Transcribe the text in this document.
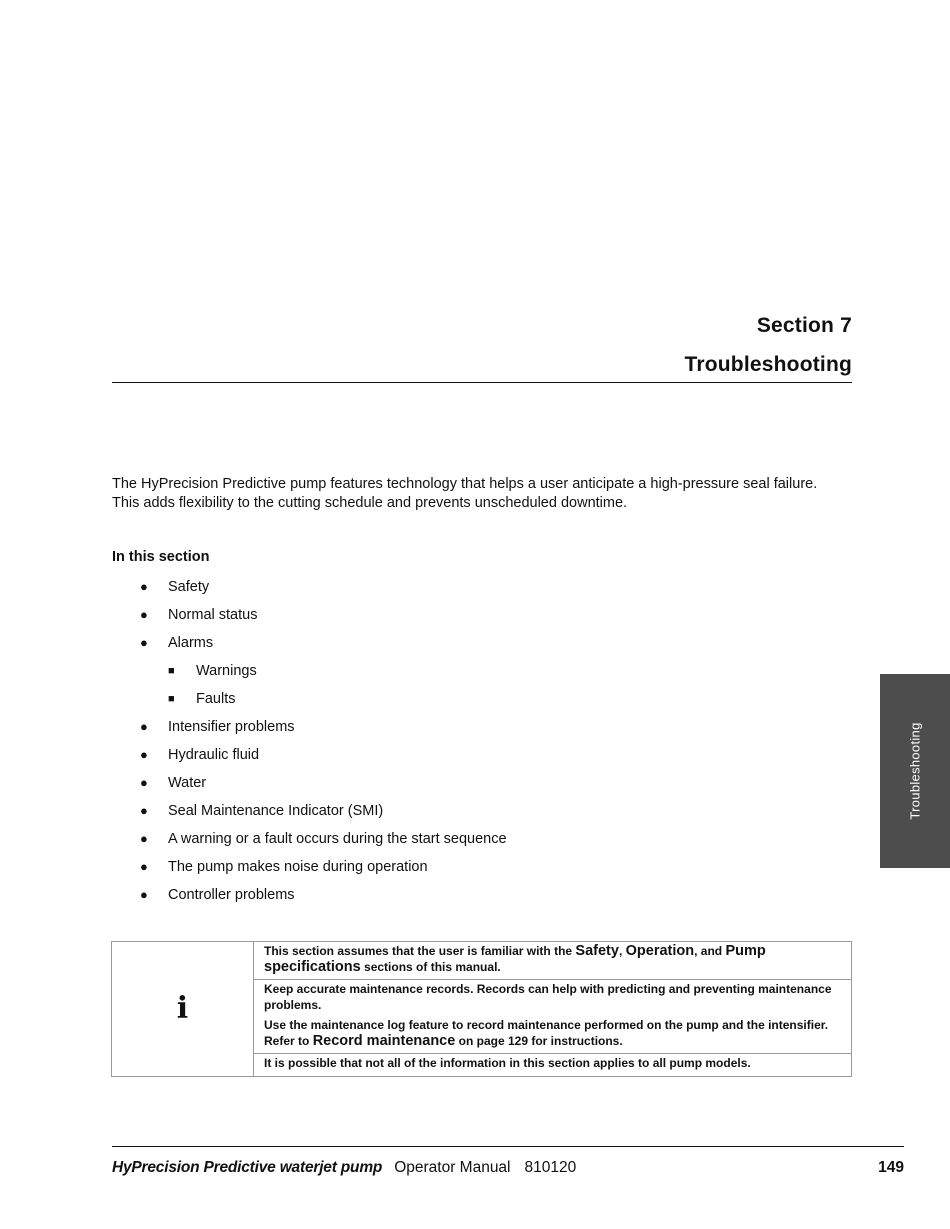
Section 7
Troubleshooting

The HyPrecision Predictive pump features technology that helps a user anticipate a high-pressure seal failure.

This adds flexibility to the cutting schedule and prevents unscheduled downtime.

In this section
● Safety
● Normal status
● Alarms
■ Warnings
■ Faults
● Intensifier problems
● Hydraulic fluid
● Water
● Seal Maintenance Indicator (SMI)
● A warning or a fault occurs during the start sequence
● The pump makes noise during operation
● Controller problems
Troubleshooting
i	

This section assumes that the user is familiar with the Safety, Operation, and Pump specifications sections of this manual.

Keep accurate maintenance records. Records can help with predicting and preventing maintenance problems.

Use the maintenance log feature to record maintenance performed on the pump and the intensifier. Refer to Record maintenance on page 129 for instructions.

It is possible that not all of the information in this section applies to all pump models.
HyPrecision Predictive waterjet pump Operator Manual 810120	149
